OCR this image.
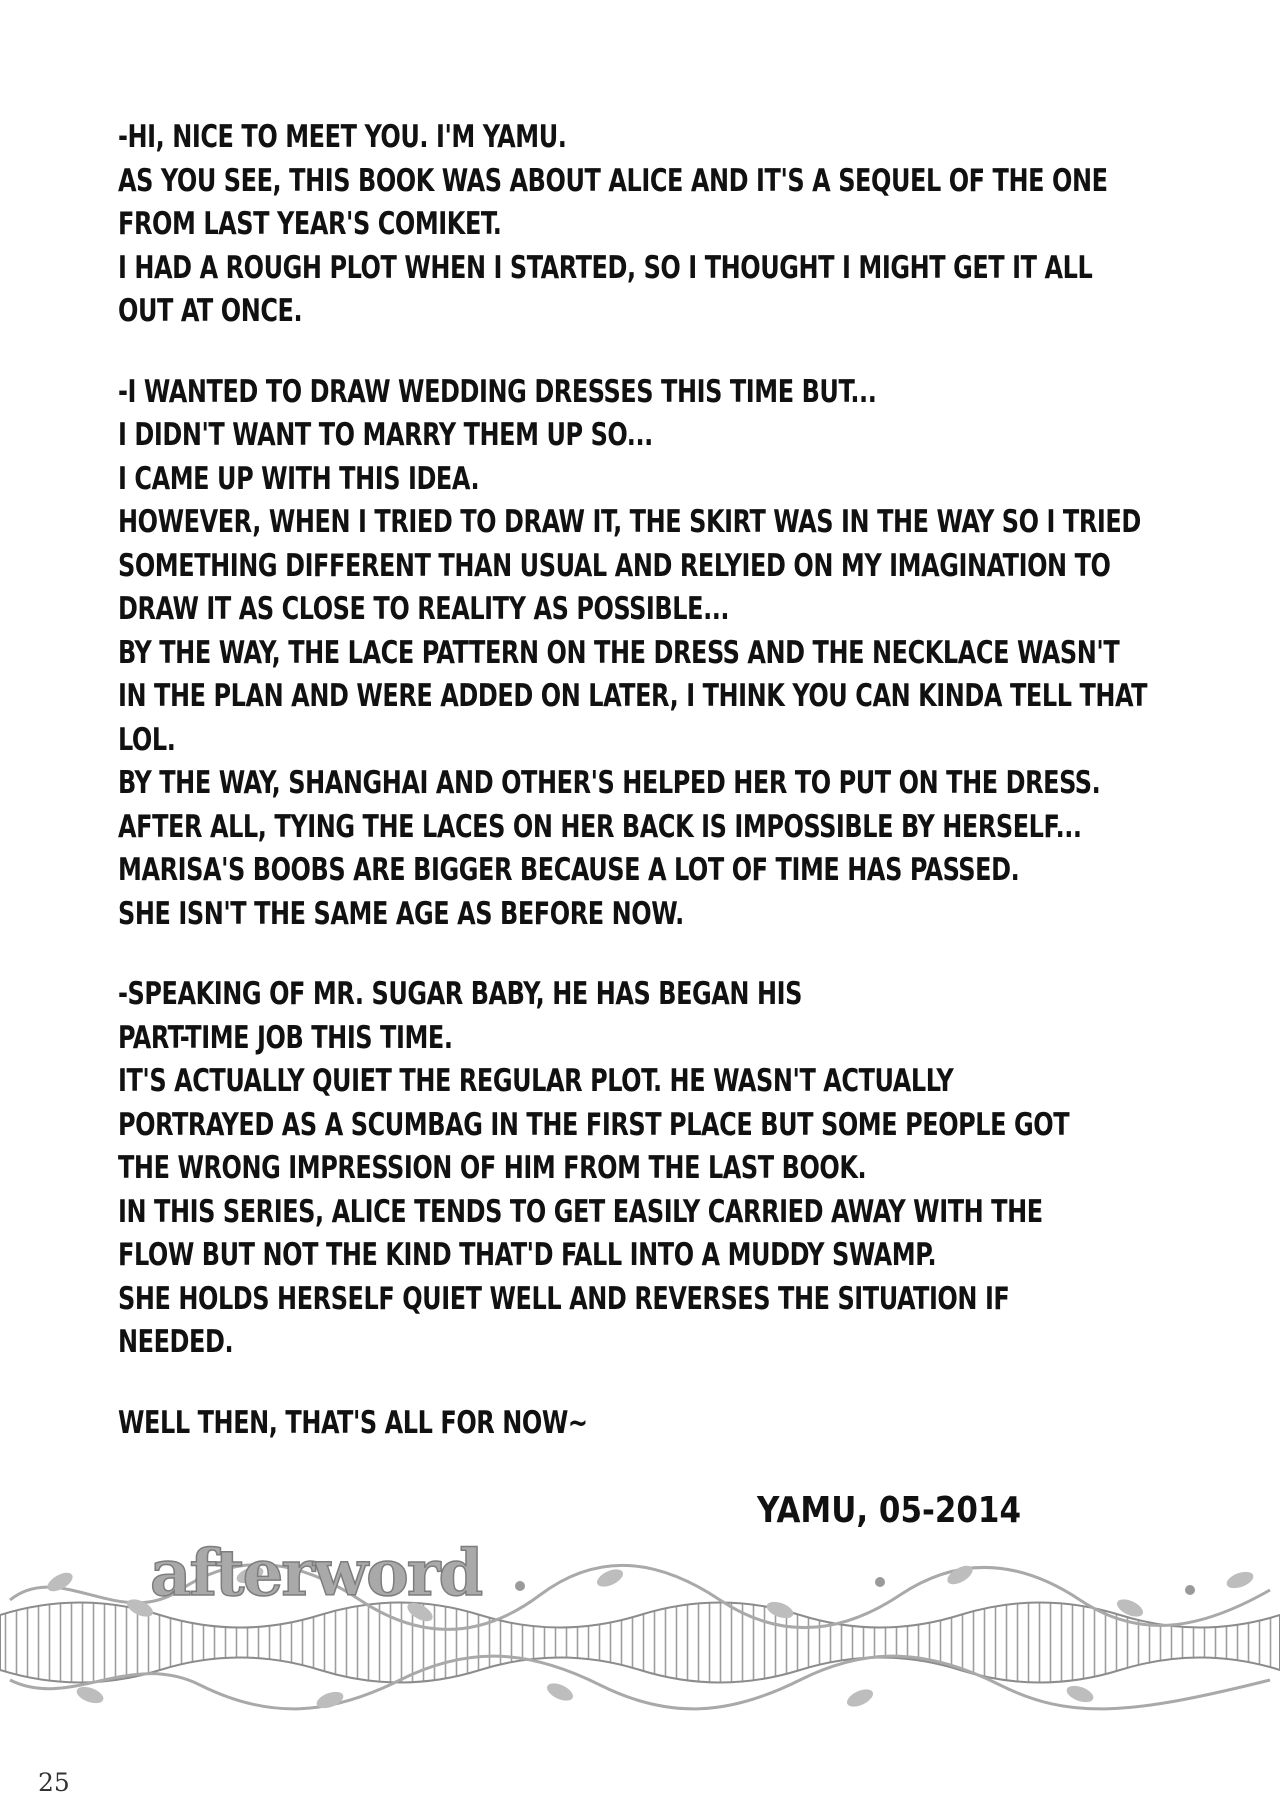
-HI, NICE TO MEET YOU. I'M YAMU.
AS YOU SEE, THIS BOOK WAS ABOUT ALICE AND IT'S A SEQUEL OF THE ONE
FROM LAST YEAR'S COMIKET.
I HAD A ROUGH PLOT WHEN I STARTED, SO I THOUGHT I MIGHT GET IT ALL
OUT AT ONCE.
-I WANTED TO DRAW WEDDING DRESSES THIS TIME BUT...
I DIDN'T WANT TO MARRY THEM UP SO...
I CAME UP WITH THIS IDEA.
HOWEVER, WHEN I TRIED TO DRAW IT, THE SKIRT WAS IN THE WAY SO I TRIED
SOMETHING DIFFERENT THAN USUAL AND RELYIED ON MY IMAGINATION TO
DRAW IT AS CLOSE TO REALITY AS POSSIBLE...
BY THE WAY, THE LACE PATTERN ON THE DRESS AND THE NECKLACE WASN'T
IN THE PLAN AND WERE ADDED ON LATER, I THINK YOU CAN KINDA TELL THAT
LOL.
BY THE WAY, SHANGHAI AND OTHER'S HELPED HER TO PUT ON THE DRESS.
AFTER ALL, TYING THE LACES ON HER BACK IS IMPOSSIBLE BY HERSELF...
MARISA'S BOOBS ARE BIGGER BECAUSE A LOT OF TIME HAS PASSED.
SHE ISN'T THE SAME AGE AS BEFORE NOW.
-SPEAKING OF MR. SUGAR BABY, HE HAS BEGAN HIS
PART-TIME JOB THIS TIME.
IT'S ACTUALLY QUIET THE REGULAR PLOT. HE WASN'T ACTUALLY
PORTRAYED AS A SCUMBAG IN THE FIRST PLACE BUT SOME PEOPLE GOT
THE WRONG IMPRESSION OF HIM FROM THE LAST BOOK.
IN THIS SERIES, ALICE TENDS TO GET EASILY CARRIED AWAY WITH THE
FLOW BUT NOT THE KIND THAT'D FALL INTO A MUDDY SWAMP.
SHE HOLDS HERSELF QUIET WELL AND REVERSES THE SITUATION IF
NEEDED.
WELL THEN, THAT'S ALL FOR NOW~
YAMU, 05-2014
afterword
25
